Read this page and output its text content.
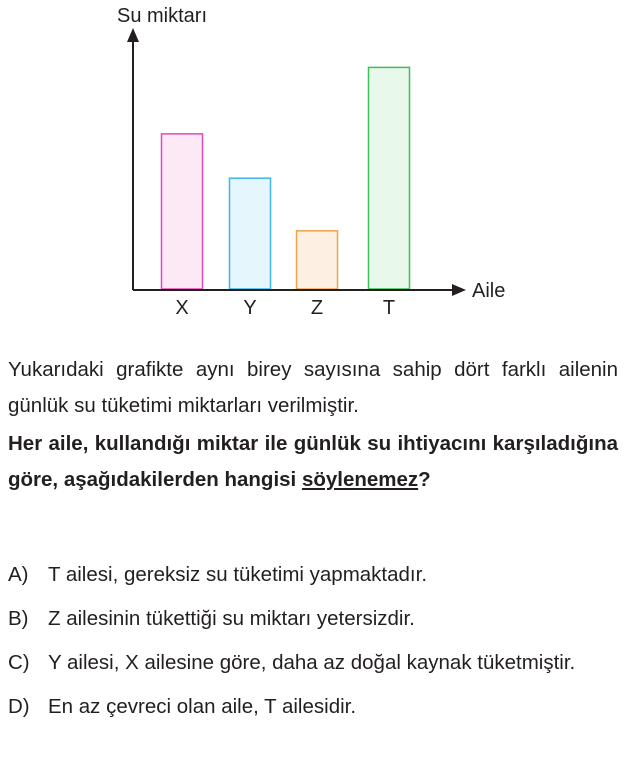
Su miktarı
Aile
X	Y	Z	T

Yukarıdaki grafikte aynı birey sayısına sahip dört farklı ailenin günlük su tüketimi miktarları verilmiştir.

Her aile, kullandığı miktar ile günlük su ihtiyacını karşıladığına göre, aşağıdakilerden hangisi söylenemez?

A) T ailesi, gereksiz su tüketimi yapmaktadır.
B) Z ailesinin tükettiği su miktarı yetersizdir.
C) Y ailesi, X ailesine göre, daha az doğal kaynak tüketmiştir.
D) En az çevreci olan aile, T ailesidir.
